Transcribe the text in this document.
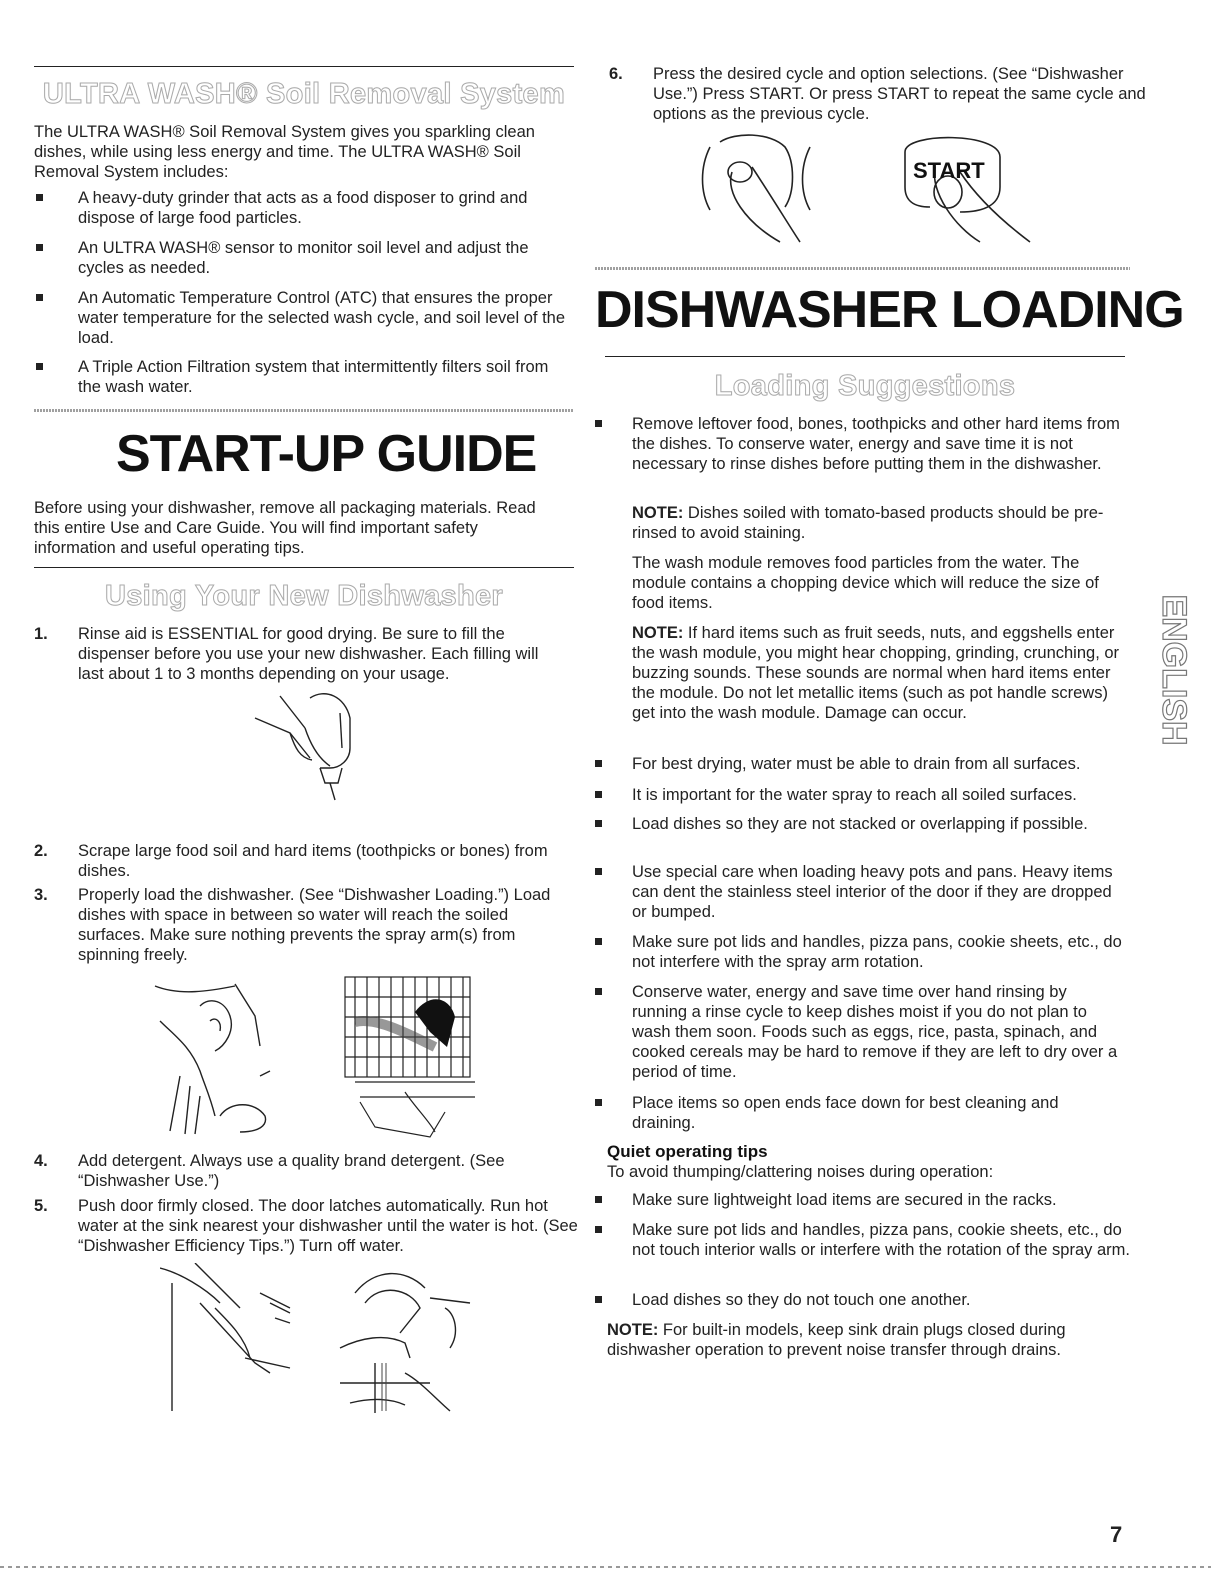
ULTRA WASH® Soil Removal System

The ULTRA WASH® Soil Removal System gives you sparkling clean dishes, while using less energy and time. The ULTRA WASH® Soil Removal System includes:

A heavy-duty grinder that acts as a food disposer to grind and dispose of large food particles.

An ULTRA WASH® sensor to monitor soil level and adjust the cycles as needed.

An Automatic Temperature Control (ATC) that ensures the proper water temperature for the selected wash cycle, and soil level of the load.

A Triple Action Filtration system that intermittently filters soil from the wash water.

START-UP GUIDE

Before using your dishwasher, remove all packaging materials. Read this entire Use and Care Guide. You will find important safety information and useful operating tips.

Using Your New Dishwasher

1. Rinse aid is ESSENTIAL for good drying. Be sure to fill the dispenser before you use your new dishwasher. Each filling will last about 1 to 3 months depending on your usage.

2. Scrape large food soil and hard items (toothpicks or bones) from dishes.

3. Properly load the dishwasher. (See “Dishwasher Loading.”) Load dishes with space in between so water will reach the soiled surfaces. Make sure nothing prevents the spray arm(s) from spinning freely.

4. Add detergent. Always use a quality brand detergent. (See “Dishwasher Use.”)

5. Push door firmly closed. The door latches automatically. Run hot water at the sink nearest your dishwasher until the water is hot. (See “Dishwasher Efficiency Tips.”) Turn off water.

6. Press the desired cycle and option selections. (See “Dishwasher Use.”) Press START. Or press START to repeat the same cycle and options as the previous cycle.

DISHWASHER LOADING
Loading Suggestions

Remove leftover food, bones, toothpicks and other hard items from the dishes. To conserve water, energy and save time it is not necessary to rinse dishes before putting them in the dishwasher.

NOTE: Dishes soiled with tomato-based products should be pre-rinsed to avoid staining.

The wash module removes food particles from the water. The module contains a chopping device which will reduce the size of food items.

NOTE: If hard items such as fruit seeds, nuts, and eggshells enter the wash module, you might hear chopping, grinding, crunching, or buzzing sounds. These sounds are normal when hard items enter the module. Do not let metallic items (such as pot handle screws) get into the wash module. Damage can occur.

For best drying, water must be able to drain from all surfaces.

It is important for the water spray to reach all soiled surfaces.

Load dishes so they are not stacked or overlapping if possible.

Use special care when loading heavy pots and pans. Heavy items can dent the stainless steel interior of the door if they are dropped or bumped.

Make sure pot lids and handles, pizza pans, cookie sheets, etc., do not interfere with the spray arm rotation.

Conserve water, energy and save time over hand rinsing by running a rinse cycle to keep dishes moist if you do not plan to wash them soon. Foods such as eggs, rice, pasta, spinach, and cooked cereals may be hard to remove if they are left to dry over a period of time.

Place items so open ends face down for best cleaning and draining.

Quiet operating tips

To avoid thumping/clattering noises during operation:

Make sure lightweight load items are secured in the racks.

Make sure pot lids and handles, pizza pans, cookie sheets, etc., do not touch interior walls or interfere with the rotation of the spray arm.

Load dishes so they do not touch one another.

NOTE: For built-in models, keep sink drain plugs closed during dishwasher operation to prevent noise transfer through drains.

START
ENGLISH
7
